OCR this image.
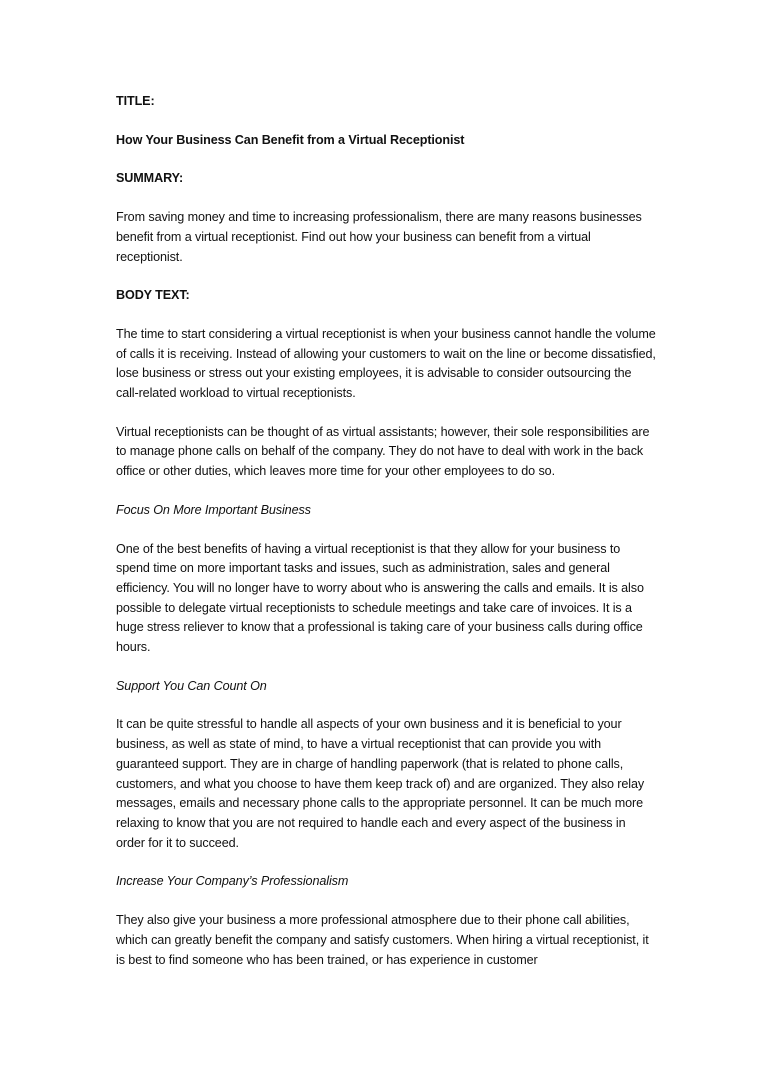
TITLE:

How Your Business Can Benefit from a Virtual Receptionist

SUMMARY:

From saving money and time to increasing professionalism, there are many reasons businesses benefit from a virtual receptionist. Find out how your business can benefit from a virtual receptionist.

BODY TEXT:

The time to start considering a virtual receptionist is when your business cannot handle the volume of calls it is receiving. Instead of allowing your customers to wait on the line or become dissatisfied, lose business or stress out your existing employees, it is advisable to consider outsourcing the call-related workload to virtual receptionists.

Virtual receptionists can be thought of as virtual assistants; however, their sole responsibilities are to manage phone calls on behalf of the company. They do not have to deal with work in the back office or other duties, which leaves more time for your other employees to do so.

Focus On More Important Business

One of the best benefits of having a virtual receptionist is that they allow for your business to spend time on more important tasks and issues, such as administration, sales and general efficiency. You will no longer have to worry about who is answering the calls and emails. It is also possible to delegate virtual receptionists to schedule meetings and take care of invoices. It is a huge stress reliever to know that a professional is taking care of your business calls during office hours.

Support You Can Count On

It can be quite stressful to handle all aspects of your own business and it is beneficial to your business, as well as state of mind, to have a virtual receptionist that can provide you with guaranteed support. They are in charge of handling paperwork (that is related to phone calls, customers, and what you choose to have them keep track of) and are organized. They also relay messages, emails and necessary phone calls to the appropriate personnel. It can be much more relaxing to know that you are not required to handle each and every aspect of the business in order for it to succeed.

Increase Your Company’s Professionalism

They also give your business a more professional atmosphere due to their phone call abilities, which can greatly benefit the company and satisfy customers. When hiring a virtual receptionist, it is best to find someone who has been trained, or has experience in customer
